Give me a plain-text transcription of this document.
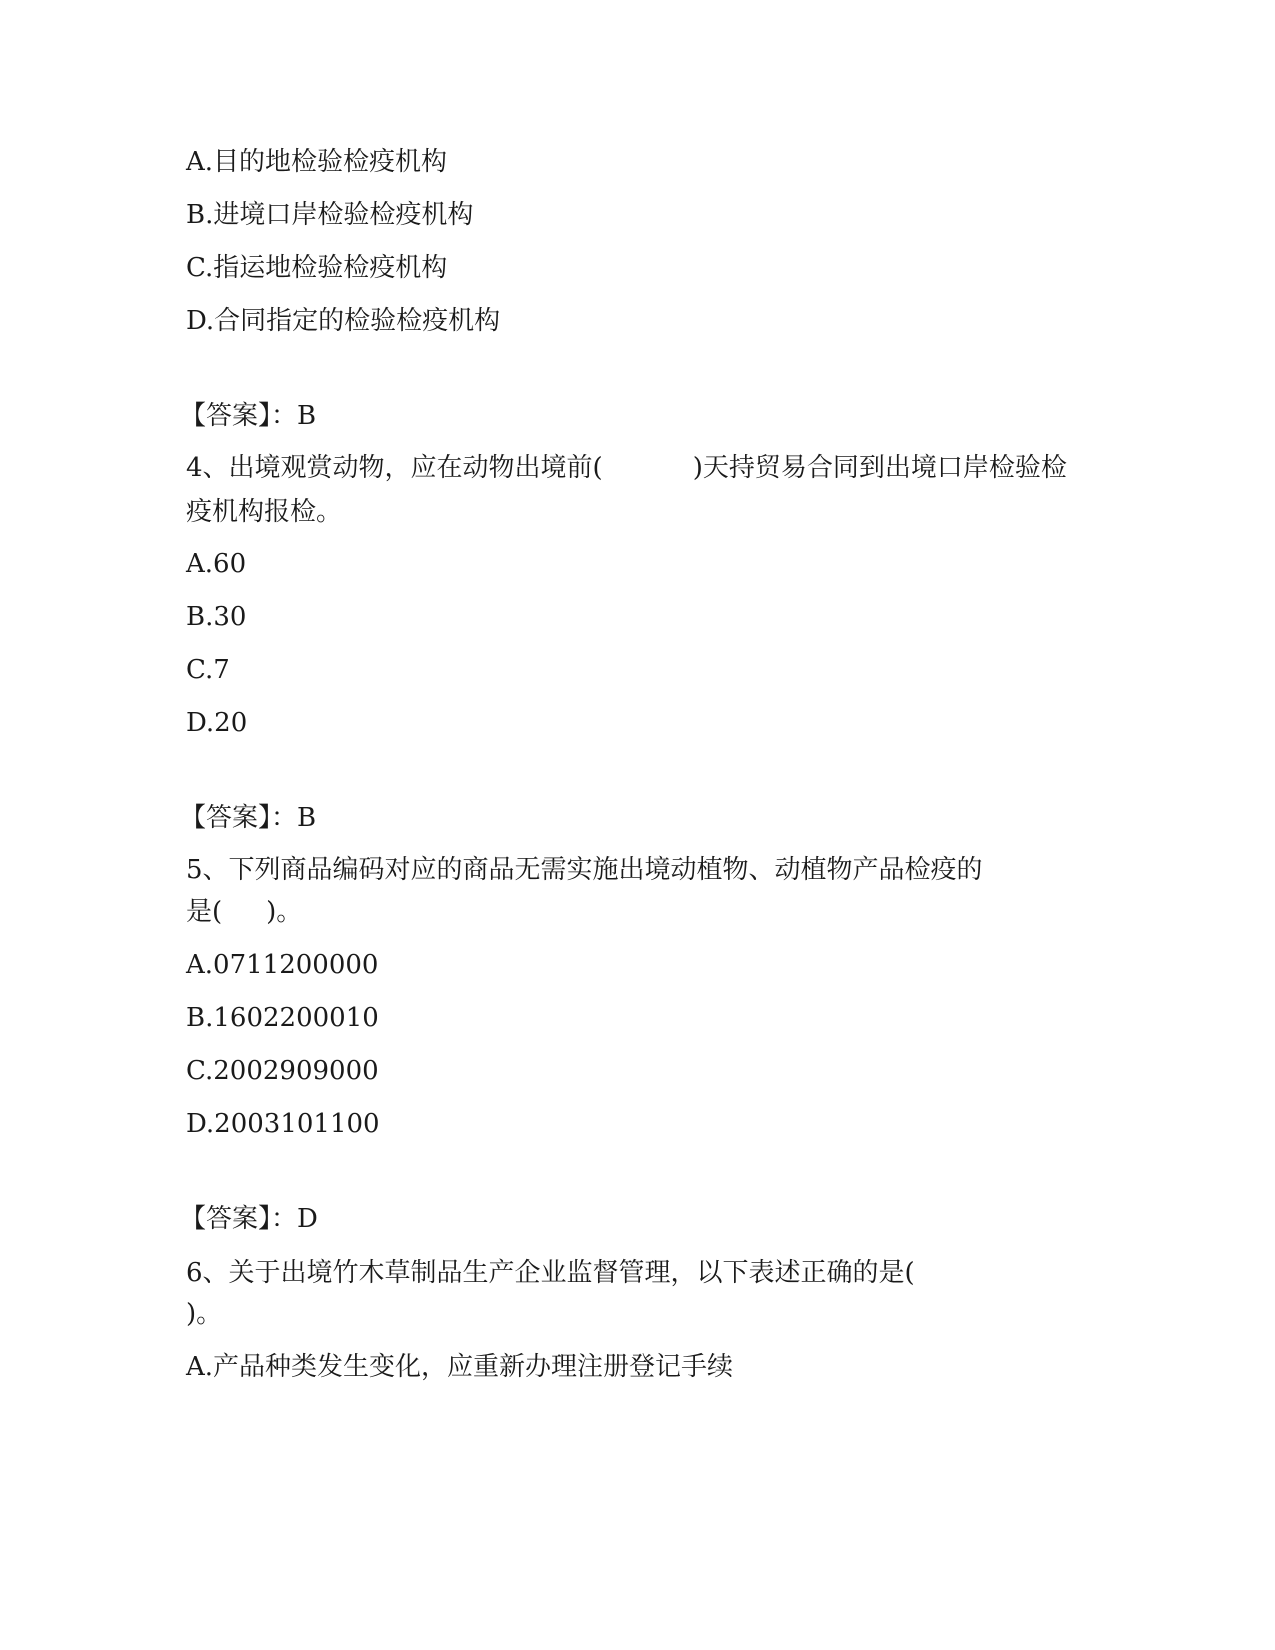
A.目的地检验检疫机构
B.进境口岸检验检疫机构
C.指运地检验检疫机构
D.合同指定的检验检疫机构
【答案】：B
4、出境观赏动物，应在动物出境前(	)天持贸易合同到出境口岸检验检疫机构报检。
A.60
B.30
C.7
D.20
【答案】：B
5、下列商品编码对应的商品无需实施出境动植物、动植物产品检疫的
是( )。
A.0711200000
B.1602200010
C.2002909000
D.2003101100
【答案】：D
6、关于出境竹木草制品生产企业监督管理，以下表述正确的是(
)。
A.产品种类发生变化，应重新办理注册登记手续
